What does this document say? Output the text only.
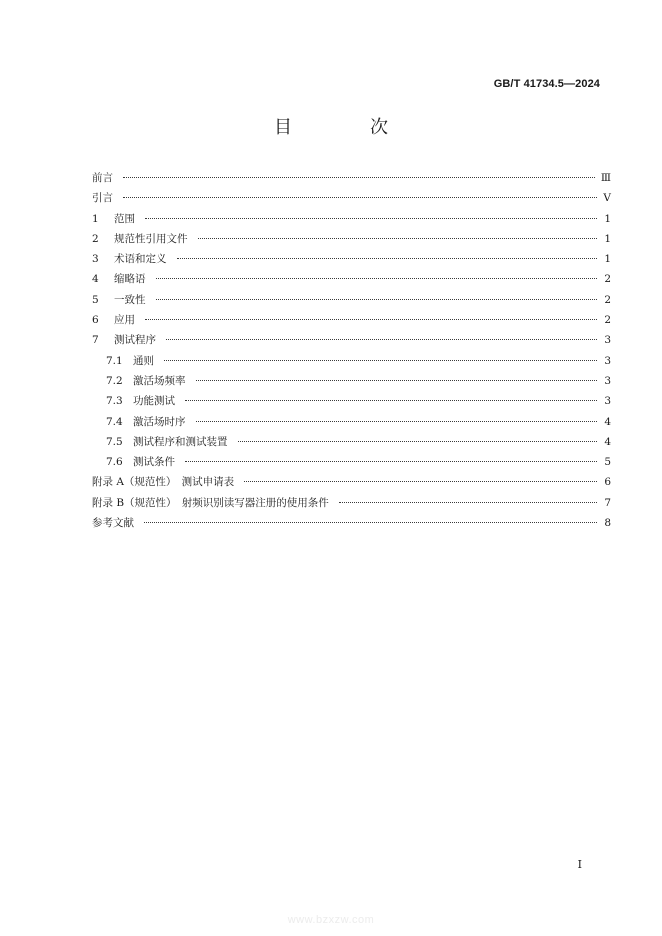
GB/T 41734.5—2024
目　次
前言	Ⅲ
引言	Ⅴ
1	范围	1
2	规范性引用文件	1
3	术语和定义	1
4	缩略语	2
5	一致性	2
6	应用	2
7	测试程序	3
7.1 通则	3
7.2 激活场频率	3
7.3 功能测试	3
7.4 激活场时序	4
7.5 测试程序和测试装置	4
7.6 测试条件	5
附录 A（规范性）　测试申请表	6
附录 B（规范性）　射频识别读写器注册的使用条件	7
参考文献	8
I
www.bzxzw.com
